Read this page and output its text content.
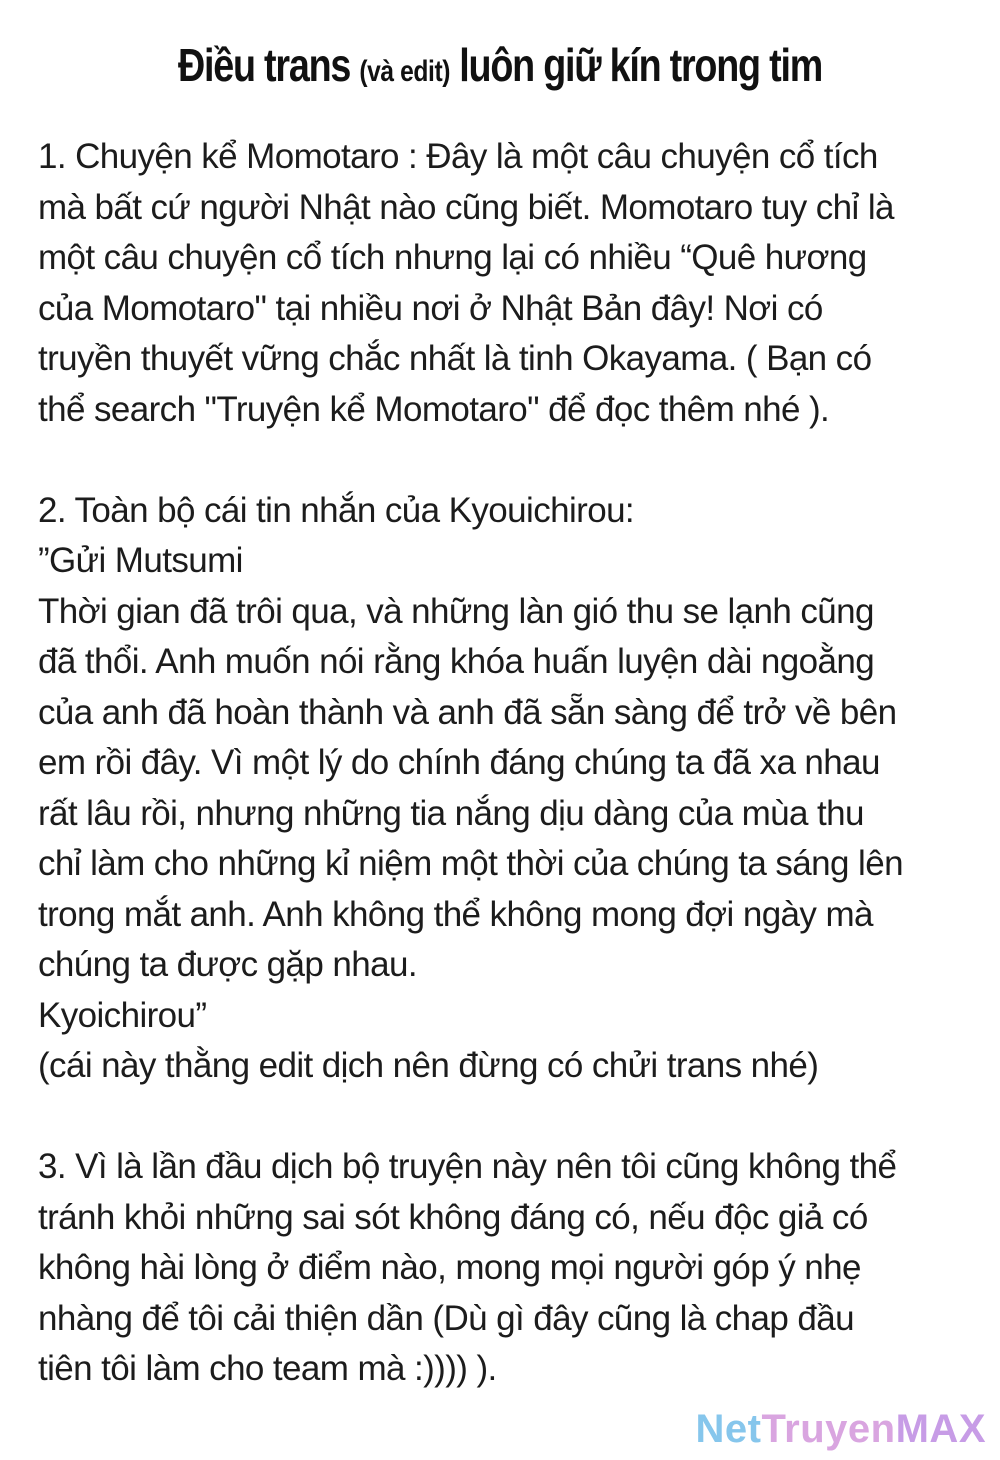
Điều trans (và edit) luôn giữ kín trong tim
1. Chuyện kể Momotaro : Đây là một câu chuyện cổ tích
mà bất cứ người Nhật nào cũng biết. Momotaro tuy chỉ là
một câu chuyện cổ tích nhưng lại có nhiều “Quê hương
của Momotaro" tại nhiều nơi ở Nhật Bản đây! Nơi có
truyền thuyết vững chắc nhất là tinh Okayama. ( Bạn có
thể search "Truyện kể Momotaro" để đọc thêm nhé ).
2. Toàn bộ cái tin nhắn của Kyouichirou:
”Gửi Mutsumi
Thời gian đã trôi qua, và những làn gió thu se lạnh cũng
đã thổi. Anh muốn nói rằng khóa huấn luyện dài ngoằng
của anh đã hoàn thành và anh đã sẵn sàng để trở về bên
em rồi đây. Vì một lý do chính đáng chúng ta đã xa nhau
rất lâu rồi, nhưng những tia nắng dịu dàng của mùa thu
chỉ làm cho những kỉ niệm một thời của chúng ta sáng lên
trong mắt anh. Anh không thể không mong đợi ngày mà
chúng ta được gặp nhau.
Kyoichirou”
(cái này thằng edit dịch nên đừng có chửi trans nhé)
3. Vì là lần đầu dịch bộ truyện này nên tôi cũng không thể
tránh khỏi những sai sót không đáng có, nếu độc giả có
không hài lòng ở điểm nào, mong mọi người góp ý nhẹ
nhàng để tôi cải thiện dần (Dù gì đây cũng là chap đầu
tiên tôi làm cho team mà :)))) ).
NetTruyenMAX
